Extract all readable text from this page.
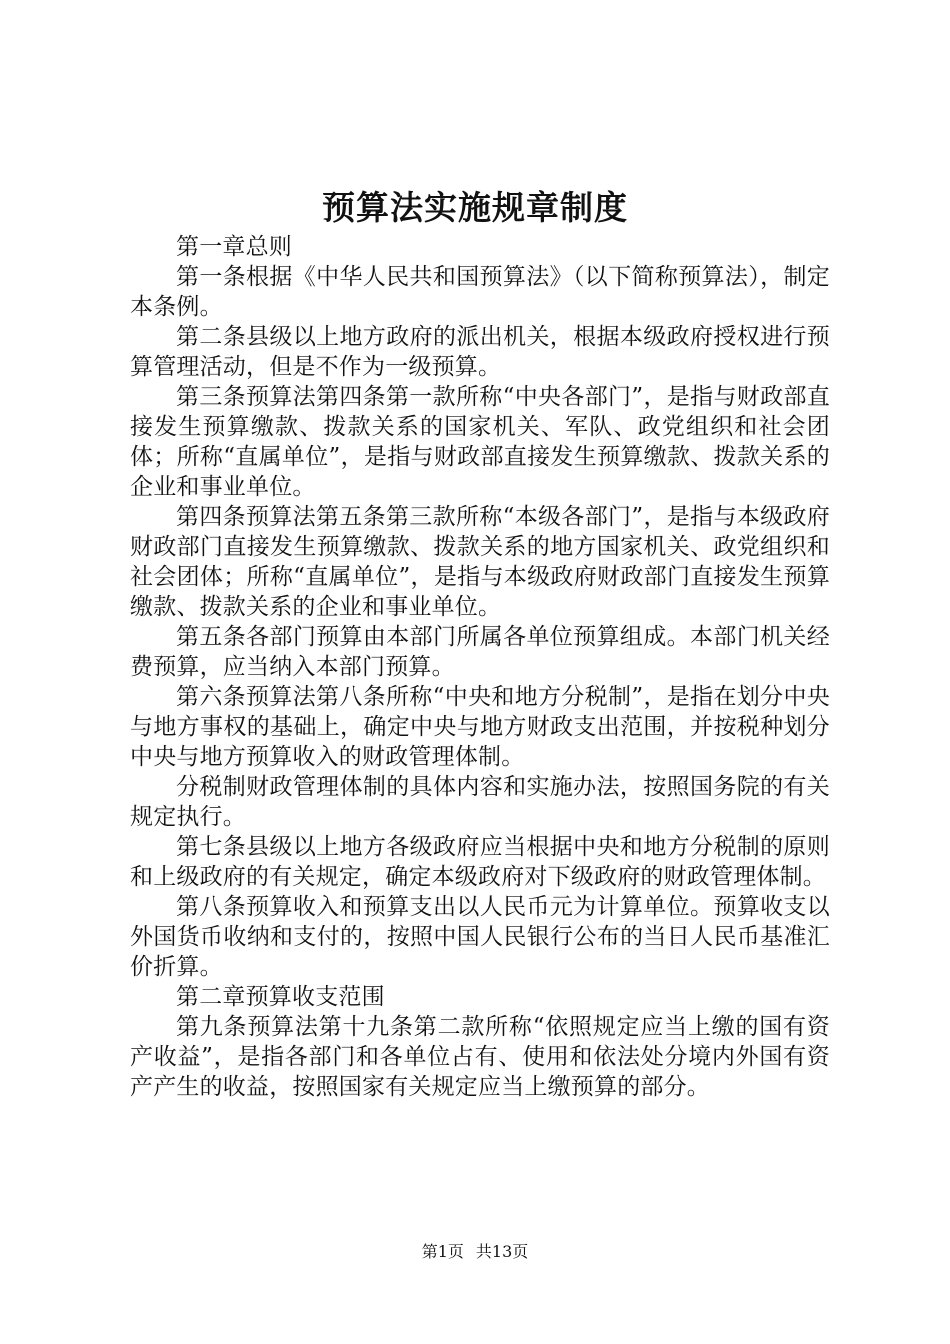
预算法实施规章制度

第一章总则

第一条根据《中华人民共和国预算法》（以下简称预算法），制定本条例。

第二条县级以上地方政府的派出机关，根据本级政府授权进行预算管理活动，但是不作为一级预算。

第三条预算法第四条第一款所称“中央各部门”，是指与财政部直接发生预算缴款、拨款关系的国家机关、军队、政党组织和社会团体；所称“直属单位”，是指与财政部直接发生预算缴款、拨款关系的企业和事业单位。

第四条预算法第五条第三款所称“本级各部门”，是指与本级政府财政部门直接发生预算缴款、拨款关系的地方国家机关、政党组织和社会团体；所称“直属单位”，是指与本级政府财政部门直接发生预算缴款、拨款关系的企业和事业单位。

第五条各部门预算由本部门所属各单位预算组成。本部门机关经费预算，应当纳入本部门预算。

第六条预算法第八条所称“中央和地方分税制”，是指在划分中央与地方事权的基础上，确定中央与地方财政支出范围，并按税种划分中央与地方预算收入的财政管理体制。

分税制财政管理体制的具体内容和实施办法，按照国务院的有关规定执行。

第七条县级以上地方各级政府应当根据中央和地方分税制的原则和上级政府的有关规定，确定本级政府对下级政府的财政管理体制。

第八条预算收入和预算支出以人民币元为计算单位。预算收支以外国货币收纳和支付的，按照中国人民银行公布的当日人民币基准汇价折算。

第二章预算收支范围

第九条预算法第十九条第二款所称“依照规定应当上缴的国有资产收益”，是指各部门和各单位占有、使用和依法处分境内外国有资产产生的收益，按照国家有关规定应当上缴预算的部分。

第1页 共13页
